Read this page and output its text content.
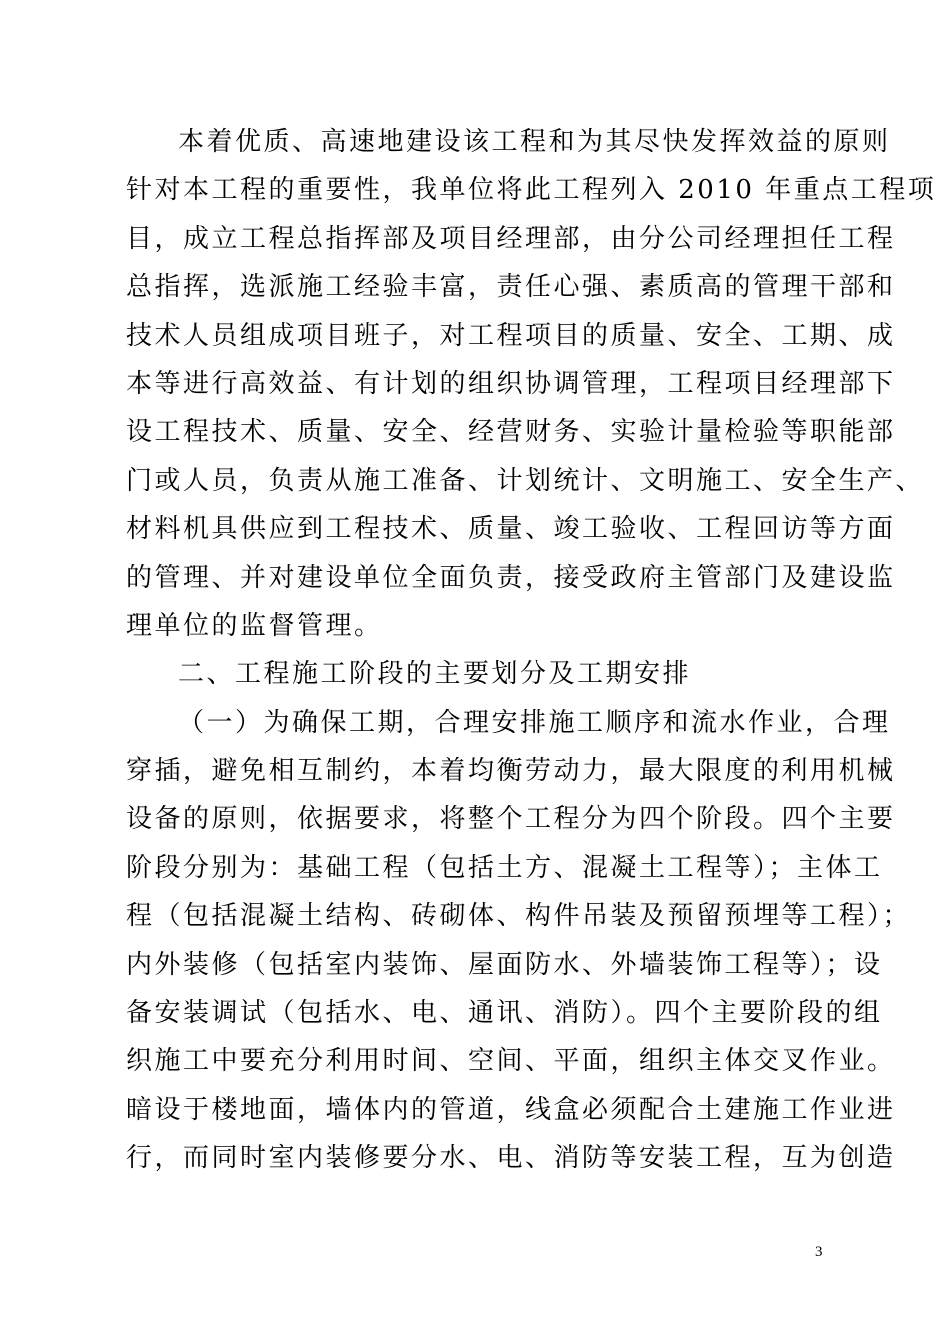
本着优质、高速地建设该工程和为其尽快发挥效益的原则
针对本工程的重要性，我单位将此工程列入 2010 年重点工程项
目，成立工程总指挥部及项目经理部，由分公司经理担任工程
总指挥，选派施工经验丰富，责任心强、素质高的管理干部和
技术人员组成项目班子，对工程项目的质量、安全、工期、成
本等进行高效益、有计划的组织协调管理，工程项目经理部下
设工程技术、质量、安全、经营财务、实验计量检验等职能部
门或人员，负责从施工准备、计划统计、文明施工、安全生产、
材料机具供应到工程技术、质量、竣工验收、工程回访等方面
的管理、并对建设单位全面负责，接受政府主管部门及建设监
理单位的监督管理。
二、工程施工阶段的主要划分及工期安排
（一）为确保工期，合理安排施工顺序和流水作业，合理
穿插，避免相互制约，本着均衡劳动力，最大限度的利用机械
设备的原则，依据要求，将整个工程分为四个阶段。四个主要
阶段分别为：基础工程（包括土方、混凝土工程等）；主体工
程（包括混凝土结构、砖砌体、构件吊装及预留预埋等工程）；
内外装修（包括室内装饰、屋面防水、外墙装饰工程等）；设
备安装调试（包括水、电、通讯、消防）。四个主要阶段的组
织施工中要充分利用时间、空间、平面，组织主体交叉作业。
暗设于楼地面，墙体内的管道，线盒必须配合土建施工作业进
行，而同时室内装修要分水、电、消防等安装工程，互为创造
3
